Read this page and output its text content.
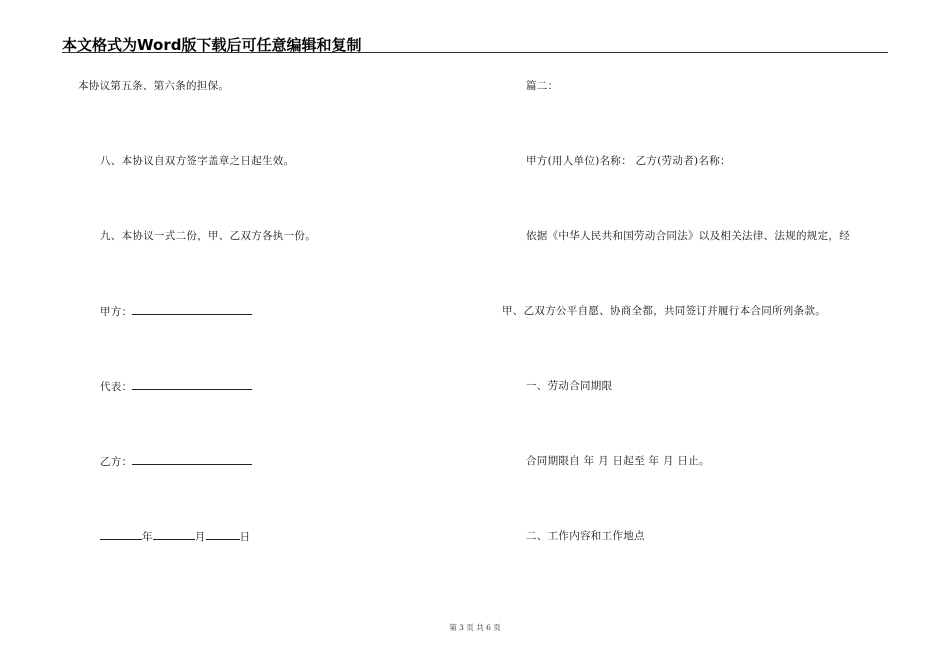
本文格式为Word版下载后可任意编辑和复制
本协议第五条、第六条的担保。
八、本协议自双方签字盖章之日起生效。
九、本协议一式二份，甲、乙双方各执一份。
甲方：
代表：
乙方：
年	月	日
篇二：
甲方(用人单位)名称： 乙方(劳动者)名称：
依据《中华人民共和国劳动合同法》以及相关法律、法规的规定，经
甲、乙双方公平自愿、协商全都，共同签订并履行本合同所列条款。
一、劳动合同期限
合同期限自 年 月 日起至 年 月 日止。
二、工作内容和工作地点
第 3 页 共 6 页
